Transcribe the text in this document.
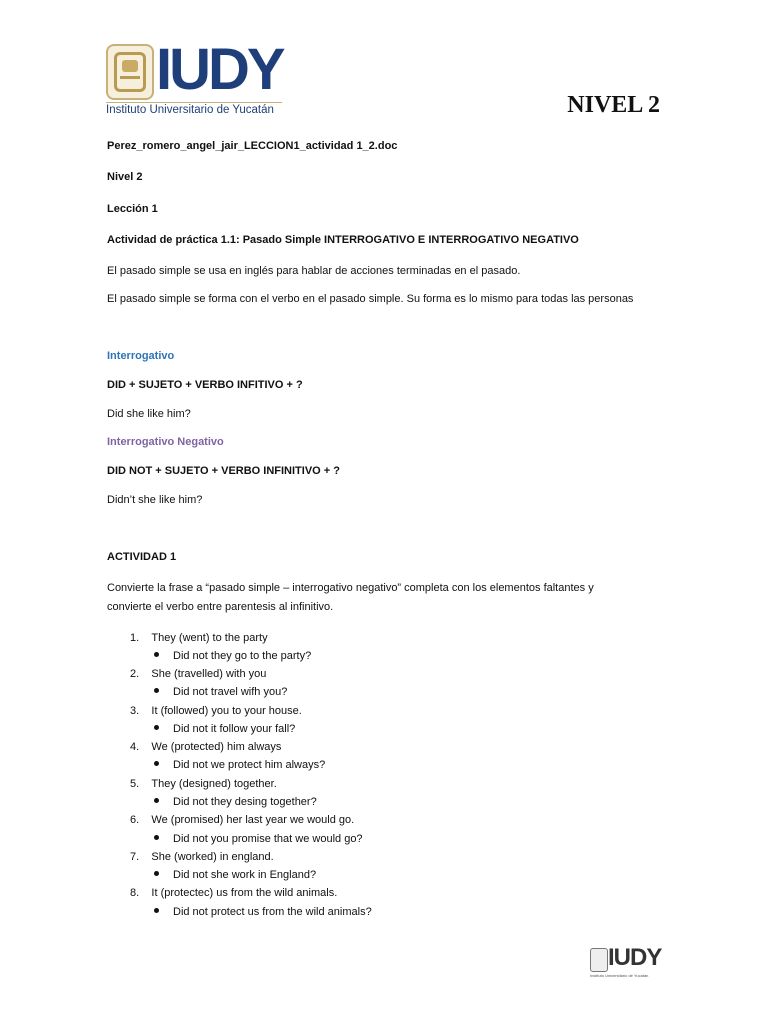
IUDY
Instituto Universitario de Yucatán	NIVEL 2
Perez_romero_angel_jair_LECCION1_actividad 1_2.doc
Nivel 2
Lección 1
Actividad de práctica 1.1: Pasado Simple INTERROGATIVO E INTERROGATIVO NEGATIVO
El pasado simple se usa en inglés para hablar de acciones terminadas en el pasado.
El pasado simple se forma con el verbo en el pasado simple. Su forma es lo mismo para todas las personas
Interrogativo
DID + SUJETO + VERBO INFITIVO + ?
Did she like him?
Interrogativo Negativo
DID NOT + SUJETO + VERBO INFINITIVO + ?
Didn’t she like him?
ACTIVIDAD 1
Convierte la frase a “pasado simple – interrogativo negativo” completa con los elementos faltantes y
convierte el verbo entre parentesis al infinitivo.
1. They (went) to the party
Did not they go to the party?
2. She (travelled) with you
Did not travel wifh you?
3. It (followed) you to your house.
Did not it follow your fall?
4. We (protected) him always
Did not we protect him always?
5. They (designed) together.
Did not they desing together?
6. We (promised) her last year we would go.
Did not you promise that we would go?
7. She (worked) in england.
Did not she work in England?
8. It (protectec) us from the wild animals.
Did not protect us from the wild animals?
IUDY
Instituto Universitario de Yucatán
